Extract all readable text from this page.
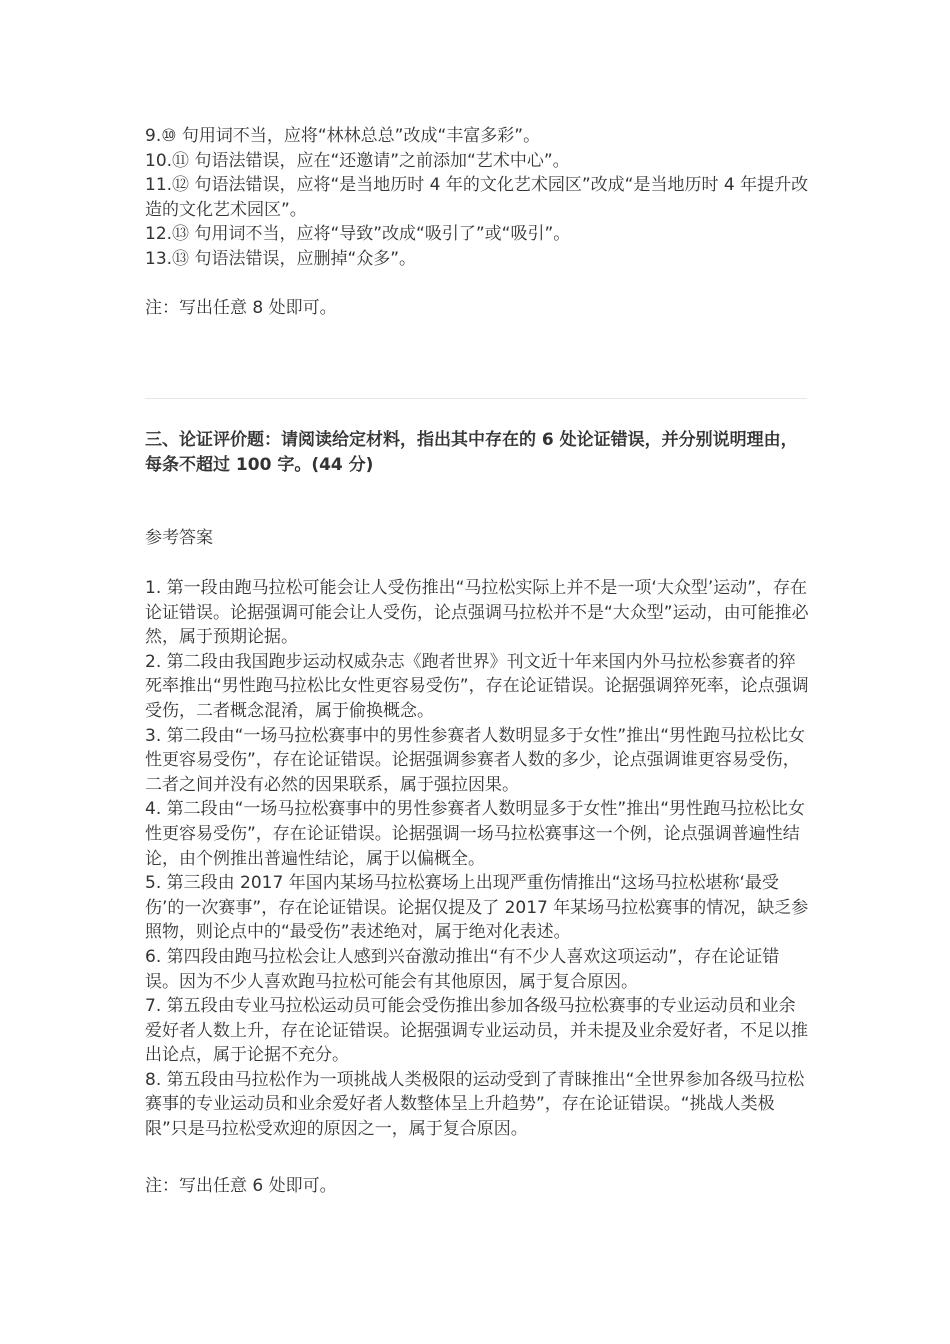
9.⑩ 句用词不当，应将“林林总总”改成“丰富多彩”。

10.⑪ 句语法错误，应在“还邀请”之前添加“艺术中心”。

11.⑫ 句语法错误，应将“是当地历时 4 年的文化艺术园区”改成“是当地历时 4 年提升改造的文化艺术园区”。

12.⑬ 句用词不当，应将“导致”改成“吸引了”或“吸引”。

13.⑬ 句语法错误，应删掉“众多”。

注：写出任意 8 处即可。

三、论证评价题：请阅读给定材料，指出其中存在的 6 处论证错误，并分别说明理由，每条不超过 100 字。(44 分)

参考答案

1. 第一段由跑马拉松可能会让人受伤推出“马拉松实际上并不是一项‘大众型’运动”，存在论证错误。论据强调可能会让人受伤，论点强调马拉松并不是“大众型”运动，由可能推必然，属于预期论据。

2. 第二段由我国跑步运动权威杂志《跑者世界》刊文近十年来国内外马拉松参赛者的猝死率推出“男性跑马拉松比女性更容易受伤”，存在论证错误。论据强调猝死率，论点强调受伤，二者概念混淆，属于偷换概念。

3. 第二段由“一场马拉松赛事中的男性参赛者人数明显多于女性”推出“男性跑马拉松比女性更容易受伤”，存在论证错误。论据强调参赛者人数的多少，论点强调谁更容易受伤，二者之间并没有必然的因果联系，属于强拉因果。

4. 第二段由“一场马拉松赛事中的男性参赛者人数明显多于女性”推出“男性跑马拉松比女性更容易受伤”，存在论证错误。论据强调一场马拉松赛事这一个例，论点强调普遍性结论，由个例推出普遍性结论，属于以偏概全。

5. 第三段由 2017 年国内某场马拉松赛场上出现严重伤情推出“这场马拉松堪称‘最受伤’的一次赛事”，存在论证错误。论据仅提及了 2017 年某场马拉松赛事的情况，缺乏参照物，则论点中的“最受伤”表述绝对，属于绝对化表述。

6. 第四段由跑马拉松会让人感到兴奋激动推出“有不少人喜欢这项运动”，存在论证错误。因为不少人喜欢跑马拉松可能会有其他原因，属于复合原因。

7. 第五段由专业马拉松运动员可能会受伤推出参加各级马拉松赛事的专业运动员和业余爱好者人数上升，存在论证错误。论据强调专业运动员，并未提及业余爱好者，不足以推出论点，属于论据不充分。

8. 第五段由马拉松作为一项挑战人类极限的运动受到了青睐推出“全世界参加各级马拉松赛事的专业运动员和业余爱好者人数整体呈上升趋势”，存在论证错误。“挑战人类极限”只是马拉松受欢迎的原因之一，属于复合原因。

注：写出任意 6 处即可。
